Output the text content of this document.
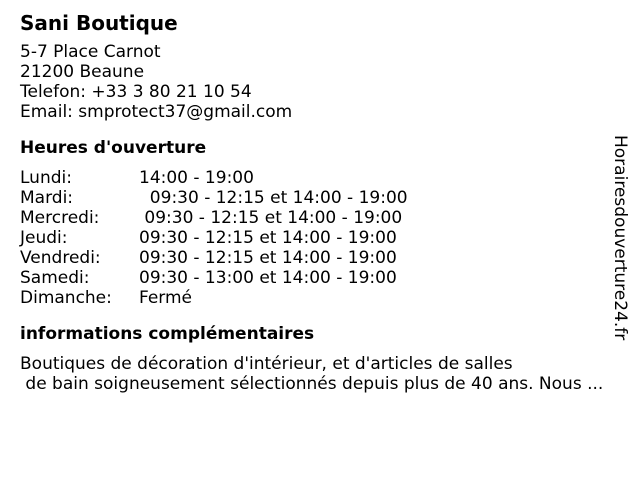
Sani Boutique
5-7 Place Carnot
21200 Beaune
Telefon: +33 3 80 21 10 54
Email: smprotect37@gmail.com
Heures d'ouverture
Lundi:	14:00 - 19:00
Mardi:	09:30 - 12:15 et 14:00 - 19:00
Mercredi:	09:30 - 12:15 et 14:00 - 19:00
Jeudi:	09:30 - 12:15 et 14:00 - 19:00
Vendredi:	09:30 - 12:15 et 14:00 - 19:00
Samedi:	09:30 - 13:00 et 14:00 - 19:00
Dimanche:	Fermé
informations complémentaires
Boutiques de décoration d'intérieur, et d'articles de salles
de bain soigneusement sélectionnés depuis plus de 40 ans. Nous ...
Horairesdouverture24.fr
